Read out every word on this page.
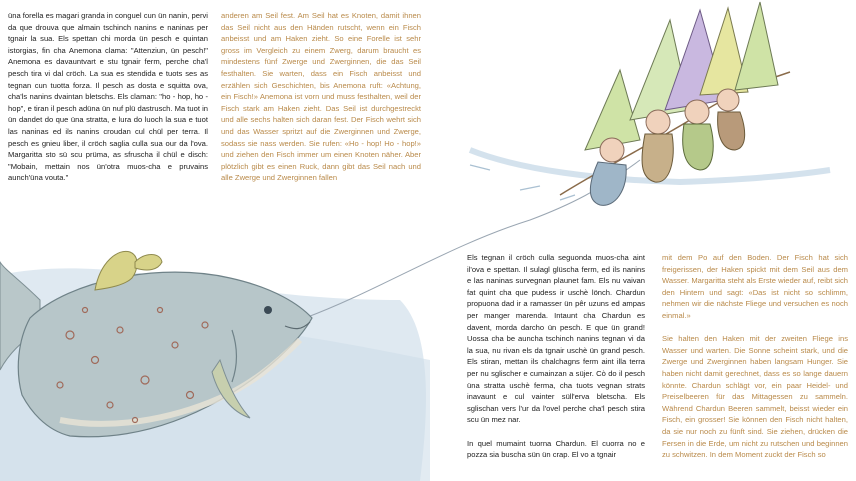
üna forella es magari granda in conguel cun ün nanin, pervi da que drouva que almain tschinch nanins e naninas per tgnair la sua. Els spettan chi morda ün pesch e quintan istorgias, fin cha Anemona clama: "Attenziun, ün pesch!" Anemona es davauntvart e stu tgnair ferm, perche cha'l pesch tira vi dal cröch. La sua es stendida e tuots ses as tegnan cun tuotta forza. Il pesch as dosta e squitta ova, cha'ls nanins dvaintan bletschs. Els claman: "ho - hop, ho - hop", e tiran il pesch adüna ün nuf plü dastrusch. Ma tuot in ün dandet do que üna stratta, e lura do luoch la sua e tuot las naninas ed ils nanins croudan cul chül per terra. Il pesch es gnieu liber, il cröch saglia culla sua our da l'ova. Margaritta sto sü scu prüma, as sfruscha il chül e disch: "Mobain, mettain nos ün'otra muos-cha e pruvains aunch'üna vouta."

anderen am Seil fest. Am Seil hat es Knoten, damit ihnen das Seil nicht aus den Händen rutscht, wenn ein Fisch anbeisst und am Haken zieht. So eine Forelle ist sehr gross im Vergleich zu einem Zwerg, darum braucht es mindestens fünf Zwerge und Zwerginnen, die das Seil festhalten. Sie warten, dass ein Fisch anbeisst und erzählen sich Geschichten, bis Anemona ruft: «Achtung, ein Fisch!» Anemona ist vorn und muss festhalten, weil der Fisch stark am Haken zieht. Das Seil ist durchgestreckt und alle sechs halten sich daran fest. Der Fisch wehrt sich und das Wasser spritzt auf die Zwerginnen und Zwerge, sodass sie nass werden. Sie rufen: «Ho - hop! Ho - hop!» und ziehen den Fisch immer um einen Knoten näher. Aber plötzlich gibt es einen Ruck, dann gibt das Seil nach und alle Zwerge und Zwerginnen fallen

Els tegnan il cröch culla seguonda muos-cha aint il'ova e spettan. Il sulagl glüscha ferm, ed ils nanins e las naninas survegnan plaunet fam. Els nu vaivan fat quint cha que pudess ir uschè lönch. Chardun propuona dad ir a ramasser ün pêr uzuns ed ampas per manger marenda. Intaunt cha Chardun es davent, morda darcho ün pesch. E que ün grand! Uossa cha be auncha tschinch nanins tegnan vi da la sua, nu rivan els da tgnair uschè ün grand pesch. Els stiran, mettan ils chalchagns ferm aint illa terra per nu sglischer e cumainzan a süjer. Cò do il pesch üna stratta uschè ferma, cha tuots vegnan strats inavaunt e cul vainter süll'erva bletscha. Els sglischan vers l'ur da l'ovel perche cha'l pesch stira scu ün mez nar.

In quel mumaint tuorna Chardun. El cuorra no e pozza sia buscha sün ün crap. El vo a tgnair

mit dem Po auf den Boden. Der Fisch hat sich freigerissen, der Haken spickt mit dem Seil aus dem Wasser. Margaritta steht als Erste wieder auf, reibt sich den Hintern und sagt: «Das ist nicht so schlimm, nehmen wir die nächste Fliege und versuchen es noch einmal.»

Sie halten den Haken mit der zweiten Fliege ins Wasser und warten. Die Sonne scheint stark, und die Zwerge und Zwerginnen haben langsam Hunger. Sie haben nicht damit gerechnet, dass es so lange dauern könnte. Chardun schlägt vor, ein paar Heidel- und Preiselbeeren für das Mittagessen zu sammeln. Während Chardun Beeren sammelt, beisst wieder ein Fisch, ein grosser! Sie können den Fisch nicht halten, da sie nur noch zu fünft sind. Sie ziehen, drücken die Fersen in die Erde, um nicht zu rutschen und beginnen zu schwitzen. In dem Moment zuckt der Fisch so
